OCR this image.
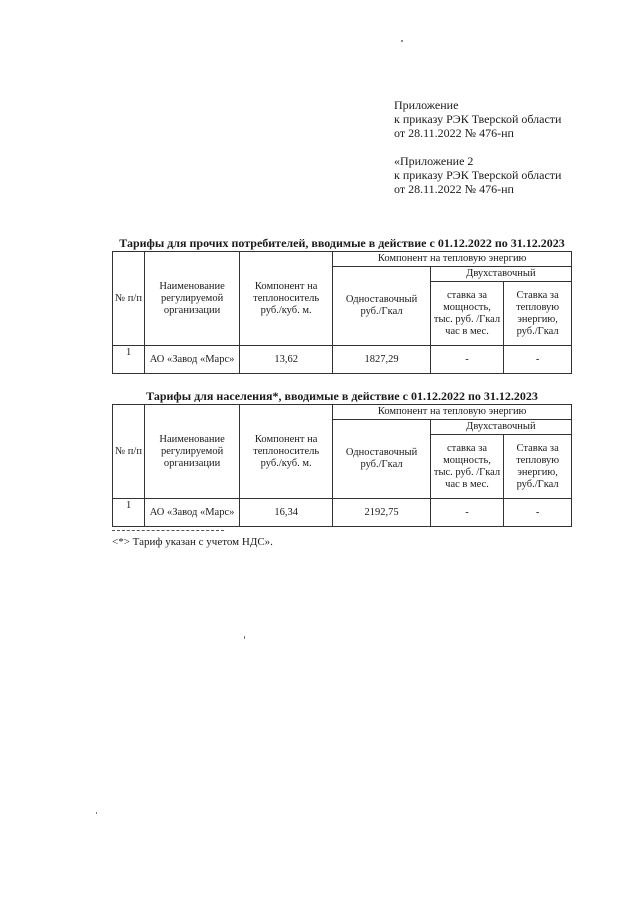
Приложение
к приказу РЭК Тверской области
от 28.11.2022 № 476-нп
«Приложение 2
к приказу РЭК Тверской области
от 28.11.2022 № 476-нп
Тарифы для прочих потребителей, вводимые в действие с 01.12.2022 по 31.12.2023
№ п/п	Наименование регулируемой организации	Компонент на теплоноситель руб./куб. м.	Компонент на тепловую энергию		
			Одноставочный руб./Гкал	Двухставочный	
				ставка за мощность, тыс. руб. /Гкал час в мес.	Ставка за тепловую энергию, руб./Гкал
1	АО «Завод «Марс»	13,62	1827,29	-	-
Тарифы для населения*, вводимые в действие с 01.12.2022 по 31.12.2023
№ п/п	Наименование регулируемой организации	Компонент на теплоноситель руб./куб. м.	Компонент на тепловую энергию		
			Одноставочный руб./Гкал	Двухставочный	
				ставка за мощность, тыс. руб. /Гкал час в мес.	Ставка за тепловую энергию, руб./Гкал
1	АО «Завод «Марс»	16,34	2192,75	-	-
<*> Тариф указан с учетом НДС».
